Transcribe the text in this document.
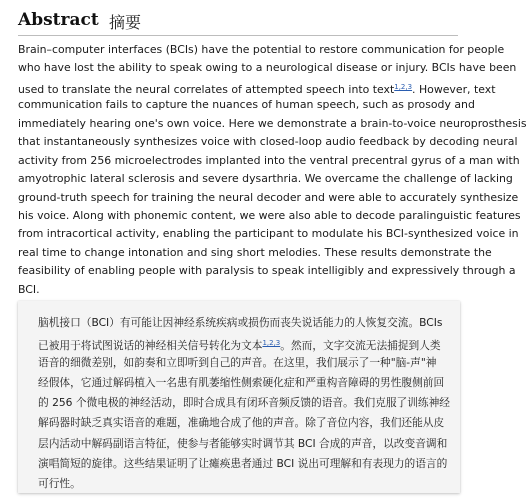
Abstract 摘要
Brain–computer interfaces (BCIs) have the potential to restore communication for people
who have lost the ability to speak owing to a neurological disease or injury. BCIs have been
used to translate the neural correlates of attempted speech into text$^{1,2,3}$. However, text
communication fails to capture the nuances of human speech, such as prosody and
immediately hearing one's own voice. Here we demonstrate a brain-to-voice neuroprosthesis
that instantaneously synthesizes voice with closed-loop audio feedback by decoding neural
activity from 256 microelectrodes implanted into the ventral precentral gyrus of a man with
amyotrophic lateral sclerosis and severe dysarthria. We overcame the challenge of lacking
ground-truth speech for training the neural decoder and were able to accurately synthesize
his voice. Along with phonemic content, we were also able to decode paralinguistic features
from intracortical activity, enabling the participant to modulate his BCI-synthesized voice in
real time to change intonation and sing short melodies. These results demonstrate the
feasibility of enabling people with paralysis to speak intelligibly and expressively through a
BCI.
脑机接口（BCI）有可能让因神经系统疾病或损伤而丧失说话能力的人恢复交流。BCIs
已被用于将试图说话的神经相关信号转化为文本$^{1,2,3}$。然而，文字交流无法捕捉到人类
语音的细微差别，如韵奏和立即听到自己的声音。在这里，我们展示了一种"脑-声"神
经假体，它通过解码植入一名患有肌萎缩性侧索硬化症和严重构音障碍的男性腹侧前回
的 256 个微电极的神经活动，即时合成具有闭环音频反馈的语音。我们克服了训练神经
解码器时缺乏真实语音的难题，准确地合成了他的声音。除了音位内容，我们还能从皮
层内活动中解码副语言特征，使参与者能够实时调节其 BCI 合成的声音，以改变音调和
演唱简短的旋律。这些结果证明了让瘫痪患者通过 BCI 说出可理解和有表现力的语言的
可行性。
